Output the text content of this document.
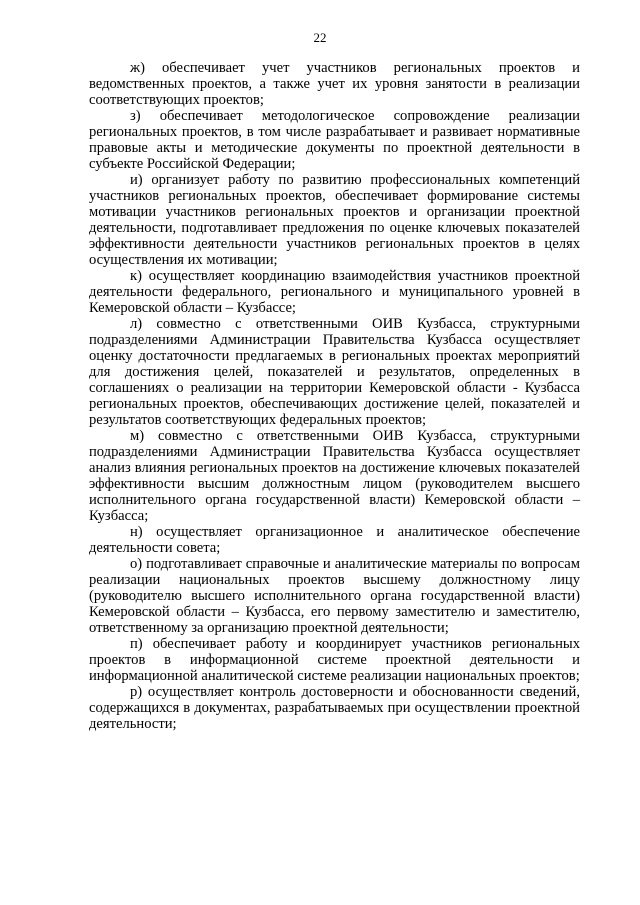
22

ж) обеспечивает учет участников региональных проектов и ведомственных проектов, а также учет их уровня занятости в реализации соответствующих проектов;

з) обеспечивает методологическое сопровождение реализации региональных проектов, в том числе разрабатывает и развивает нормативные правовые акты и методические документы по проектной деятельности в субъекте Российской Федерации;

и) организует работу по развитию профессиональных компетенций участников региональных проектов, обеспечивает формирование системы мотивации участников региональных проектов и организации проектной деятельности, подготавливает предложения по оценке ключевых показателей эффективности деятельности участников региональных проектов в целях осуществления их мотивации;

к) осуществляет координацию взаимодействия участников проектной деятельности федерального, регионального и муниципального уровней в Кемеровской области – Кузбассе;

л) совместно с ответственными ОИВ Кузбасса, структурными подразделениями Администрации Правительства Кузбасса осуществляет оценку достаточности предлагаемых в региональных проектах мероприятий для достижения целей, показателей и результатов, определенных в соглашениях о реализации на территории Кемеровской области - Кузбасса региональных проектов, обеспечивающих достижение целей, показателей и результатов соответствующих федеральных проектов;

м) совместно с ответственными ОИВ Кузбасса, структурными подразделениями Администрации Правительства Кузбасса осуществляет анализ влияния региональных проектов на достижение ключевых показателей эффективности высшим должностным лицом (руководителем высшего исполнительного органа государственной власти) Кемеровской области – Кузбасса;

н) осуществляет организационное и аналитическое обеспечение деятельности совета;

о) подготавливает справочные и аналитические материалы по вопросам реализации национальных проектов высшему должностному лицу (руководителю высшего исполнительного органа государственной власти) Кемеровской области – Кузбасса, его первому заместителю и заместителю, ответственному за организацию проектной деятельности;

п) обеспечивает работу и координирует участников региональных проектов в информационной системе проектной деятельности и информационной аналитической системе реализации национальных проектов;

р) осуществляет контроль достоверности и обоснованности сведений, содержащихся в документах, разрабатываемых при осуществлении проектной деятельности;
